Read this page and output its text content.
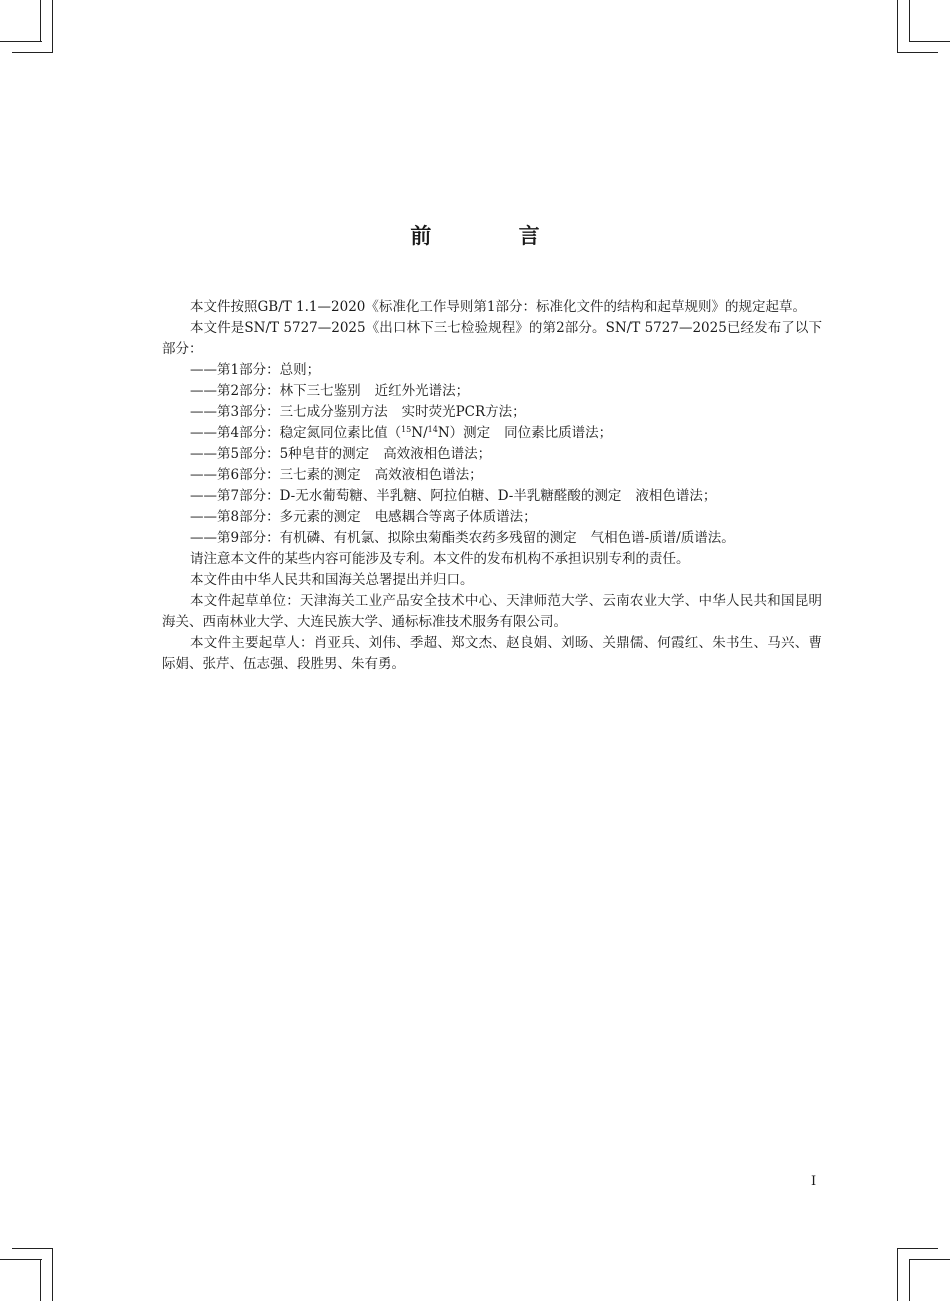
前 言

本文件按照GB/T 1.1—2020《标准化工作导则第1部分：标准化文件的结构和起草规则》的规定起草。

本文件是SN/T 5727—2025《出口林下三七检验规程》的第2部分。SN/T 5727—2025已经发布了以下部分：

——第1部分：总则；

——第2部分：林下三七鉴别 近红外光谱法；

——第3部分：三七成分鉴别方法 实时荧光PCR方法；

——第4部分：稳定氮同位素比值（$^{15}$N/$^{14}$N）测定 同位素比质谱法；

——第5部分：5种皂苷的测定 高效液相色谱法；

——第6部分：三七素的测定 高效液相色谱法；

——第7部分：D-无水葡萄糖、半乳糖、阿拉伯糖、D-半乳糖醛酸的测定 液相色谱法；

——第8部分：多元素的测定 电感耦合等离子体质谱法；

——第9部分：有机磷、有机氯、拟除虫菊酯类农药多残留的测定 气相色谱-质谱/质谱法。

请注意本文件的某些内容可能涉及专利。本文件的发布机构不承担识别专利的责任。

本文件由中华人民共和国海关总署提出并归口。

本文件起草单位：天津海关工业产品安全技术中心、天津师范大学、云南农业大学、中华人民共和国昆明海关、西南林业大学、大连民族大学、通标标准技术服务有限公司。

本文件主要起草人：肖亚兵、刘伟、季超、郑文杰、赵良娟、刘旸、关鼎儒、何霞红、朱书生、马兴、曹际娟、张芹、伍志强、段胜男、朱有勇。

I
